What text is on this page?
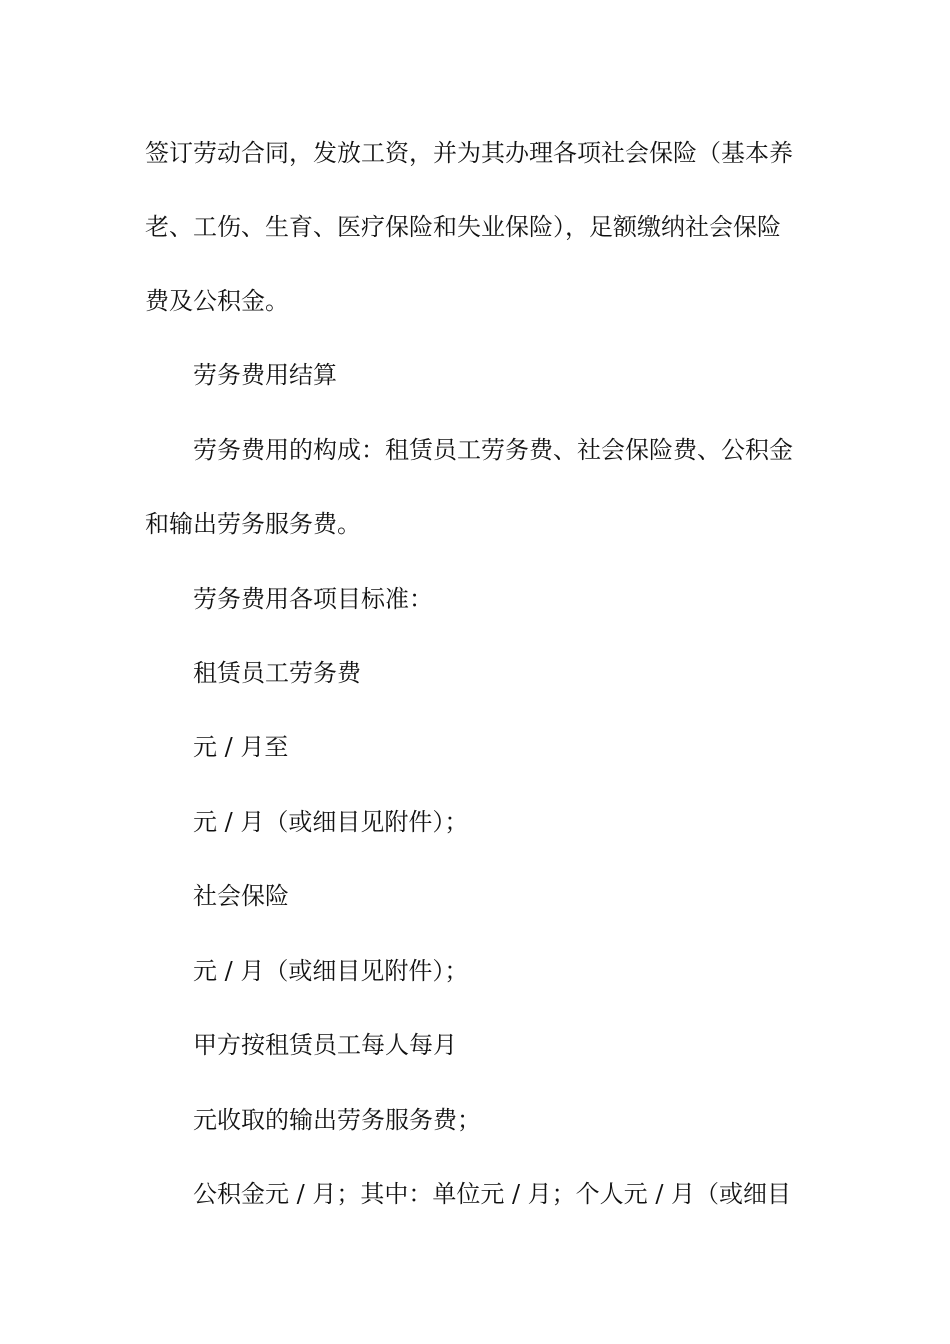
签订劳动合同，发放工资，并为其办理各项社会保险（基本养
老、工伤、生育、医疗保险和失业保险），足额缴纳社会保险
费及公积金。
劳务费用结算
劳务费用的构成：租赁员工劳务费、社会保险费、公积金
和输出劳务服务费。
劳务费用各项目标准：
租赁员工劳务费
元 / 月至
元 / 月（或细目见附件）；
社会保险
元 / 月（或细目见附件）；
甲方按租赁员工每人每月
元收取的输出劳务服务费；
公积金元 / 月；其中：单位元 / 月；个人元 / 月（或细目
